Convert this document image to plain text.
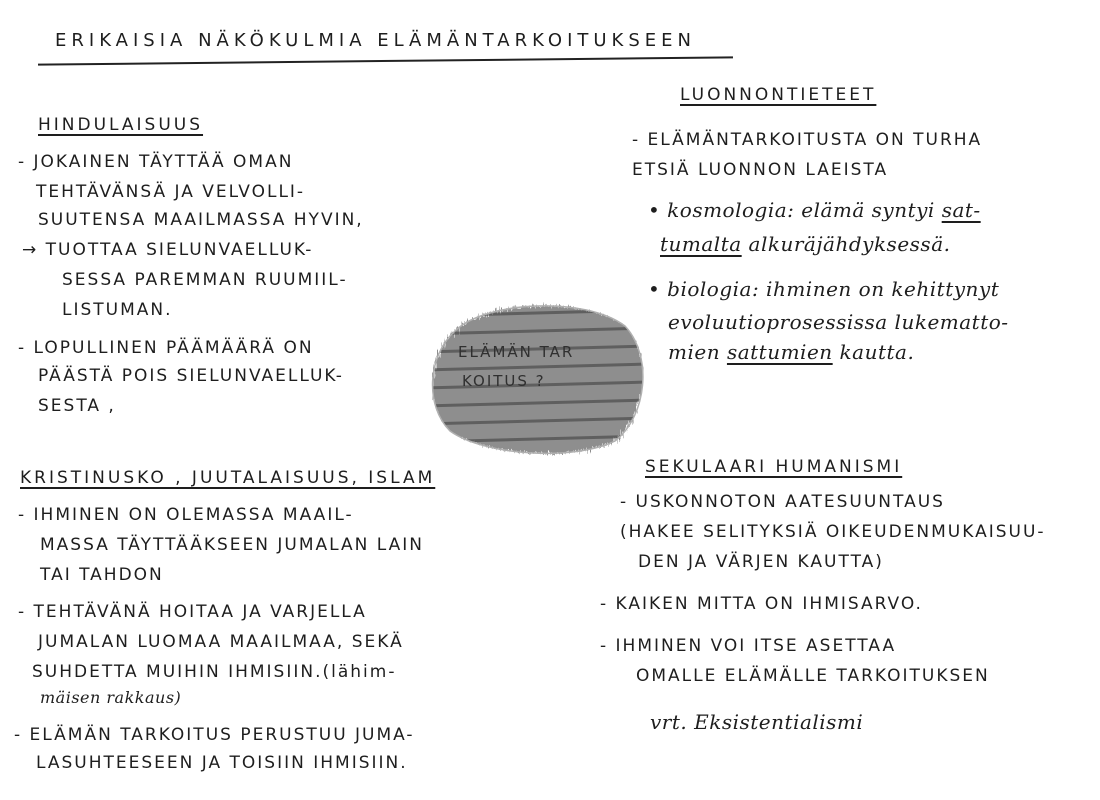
ERIKAISIA NÄKÖKULMIA ELÄMÄNTARKOITUKSEEN
HINDULAISUUS
- JOKAINEN TÄYTTÄÄ OMAN
TEHTÄVÄNSÄ JA VELVOLLI-
SUUTENSA MAAILMASSA HYVIN,
→ TUOTTAA SIELUNVAELLUK-
SESSA PAREMMAN RUUMIIL-
LISTUMAN.
- LOPULLINEN PÄÄMÄÄRÄ ON
PÄÄSTÄ POIS SIELUNVAELLUK-
SESTA ,
ELÄMÄN TAR
KOITUS ?
LUONNONTIETEET
- ELÄMÄNTARKOITUSTA ON TURHA
ETSIÄ LUONNON LAEISTA
• kosmologia: elämä syntyi sat-
tumalta alkuräjähdyksessä.
• biologia: ihminen on kehittynyt
evoluutioprosessissa lukematto-
mien sattumien kautta.
KRISTINUSKO , JUUTALAISUUS, ISLAM
- IHMINEN ON OLEMASSA MAAIL-
MASSA TÄYTTÄÄKSEEN JUMALAN LAIN
TAI TAHDON
- TEHTÄVÄNÄ HOITAA JA VARJELLA
JUMALAN LUOMAA MAAILMAA, SEKÄ
SUHDETTA MUIHIN IHMISIIN.(lähim-
mäisen rakkaus)
- ELÄMÄN TARKOITUS PERUSTUU JUMA-
LASUHTEESEEN JA TOISIIN IHMISIIN.
SEKULAARI HUMANISMI
- USKONNOTON AATESUUNTAUS
(HAKEE SELITYKSIÄ OIKEUDENMUKAISUU-
DEN JA VÄRJEN KAUTTA)
- KAIKEN MITTA ON IHMISARVO.
- IHMINEN VOI ITSE ASETTAA
OMALLE ELÄMÄLLE TARKOITUKSEN
vrt. Eksistentialismi
